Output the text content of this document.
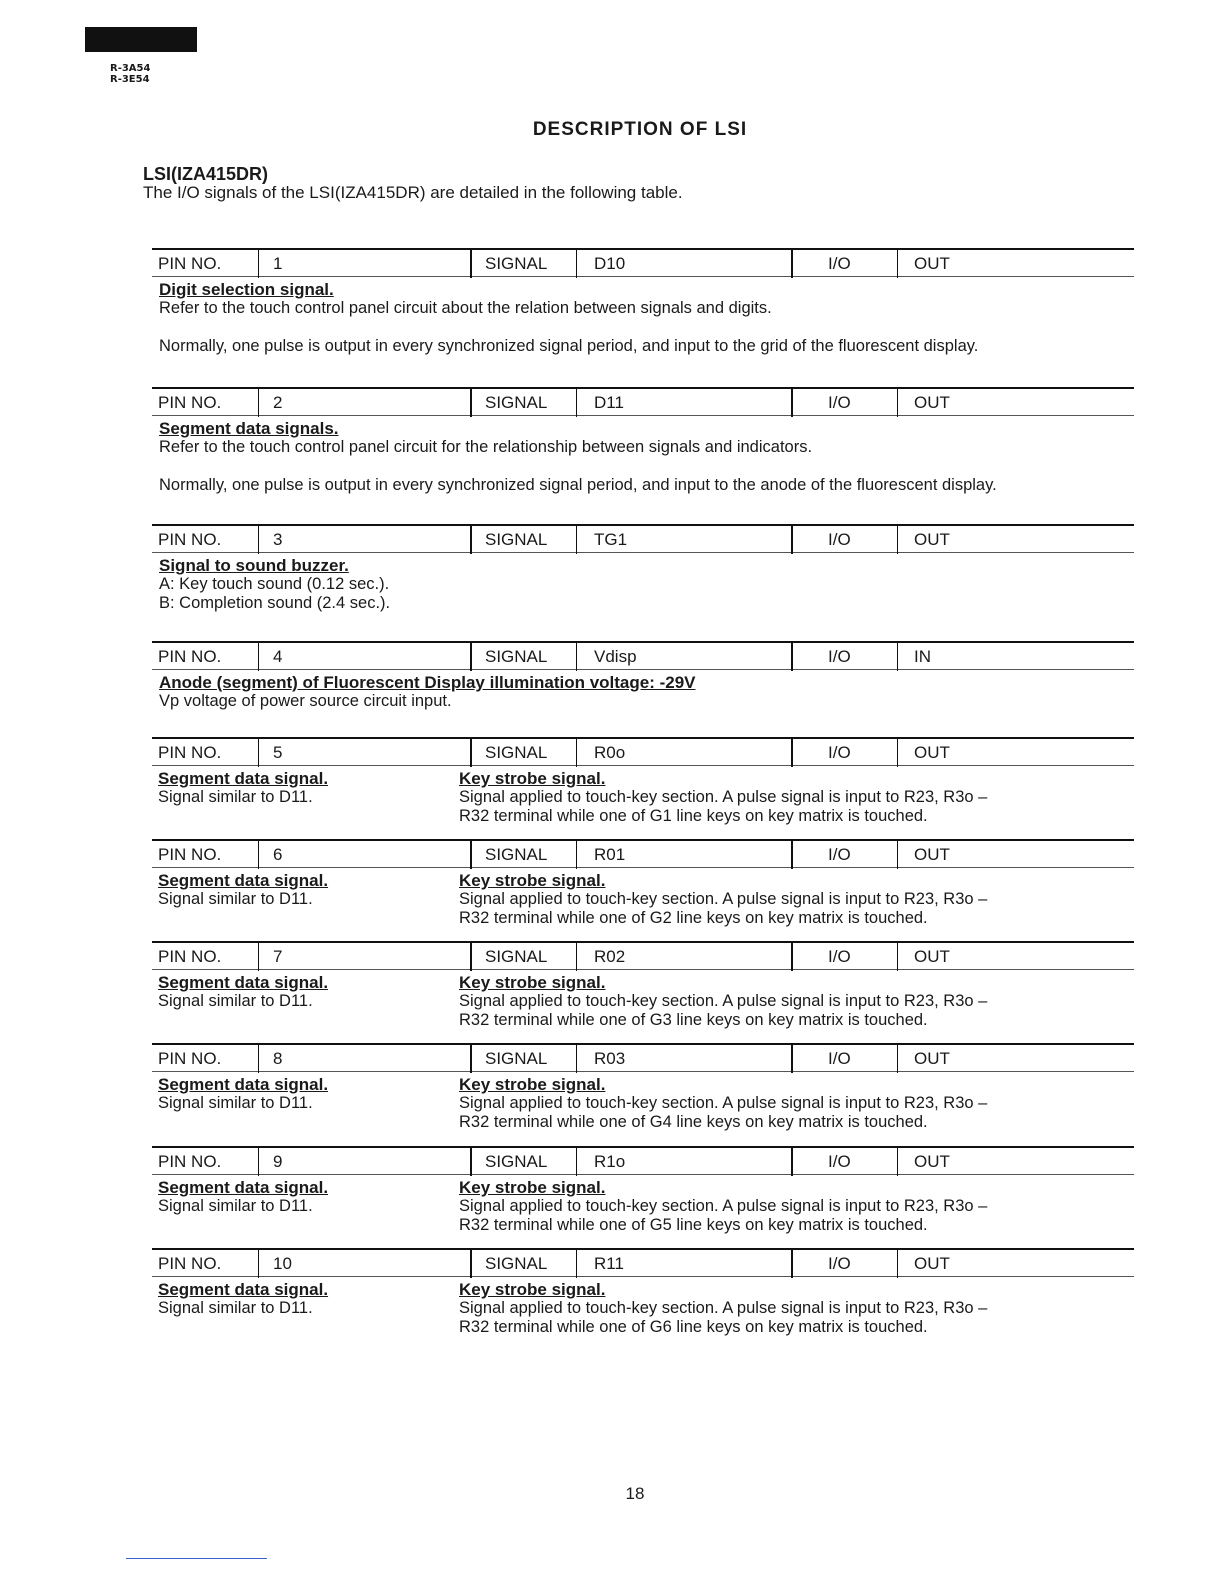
R-3A54
R-3E54
DESCRIPTION OF LSI
LSI(IZA415DR)
The I/O signals of the LSI(IZA415DR) are detailed in the following table.
PIN NO.	1	SIGNAL	D10	I/O	OUT
Digit selection signal.
Refer to the touch control panel circuit about the relation between signals and digits.

Normally, one pulse is output in every synchronized signal period, and input to the grid of the fluorescent display.
PIN NO.	2	SIGNAL	D11	I/O	OUT
Segment data signals.
Refer to the touch control panel circuit for the relationship between signals and indicators.

Normally, one pulse is output in every synchronized signal period, and input to the anode of the fluorescent display.
PIN NO.	3	SIGNAL	TG1	I/O	OUT
Signal to sound buzzer.
A: Key touch sound (0.12 sec.).
B: Completion sound (2.4 sec.).
PIN NO.	4	SIGNAL	Vdisp	I/O	IN
Anode (segment) of Fluorescent Display illumination voltage: -29V
Vp voltage of power source circuit input.
PIN NO.	5	SIGNAL	R0o	I/O	OUT
Segment data signal.
Signal similar to D11.
Key strobe signal.
Signal applied to touch-key section. A pulse signal is input to R23, R3o –
R32 terminal while one of G1 line keys on key matrix is touched.
PIN NO.	6	SIGNAL	R01	I/O	OUT
Segment data signal.
Signal similar to D11.
Key strobe signal.
Signal applied to touch-key section. A pulse signal is input to R23, R3o –
R32 terminal while one of G2 line keys on key matrix is touched.
PIN NO.	7	SIGNAL	R02	I/O	OUT
Segment data signal.
Signal similar to D11.
Key strobe signal.
Signal applied to touch-key section. A pulse signal is input to R23, R3o –
R32 terminal while one of G3 line keys on key matrix is touched.
PIN NO.	8	SIGNAL	R03	I/O	OUT
Segment data signal.
Signal similar to D11.
Key strobe signal.
Signal applied to touch-key section. A pulse signal is input to R23, R3o –
R32 terminal while one of G4 line keys on key matrix is touched.
PIN NO.	9	SIGNAL	R1o	I/O	OUT
Segment data signal.
Signal similar to D11.
Key strobe signal.
Signal applied to touch-key section. A pulse signal is input to R23, R3o –
R32 terminal while one of G5 line keys on key matrix is touched.
PIN NO.	10	SIGNAL	R11	I/O	OUT
Segment data signal.
Signal similar to D11.
Key strobe signal.
Signal applied to touch-key section. A pulse signal is input to R23, R3o –
R32 terminal while one of G6 line keys on key matrix is touched.
18
